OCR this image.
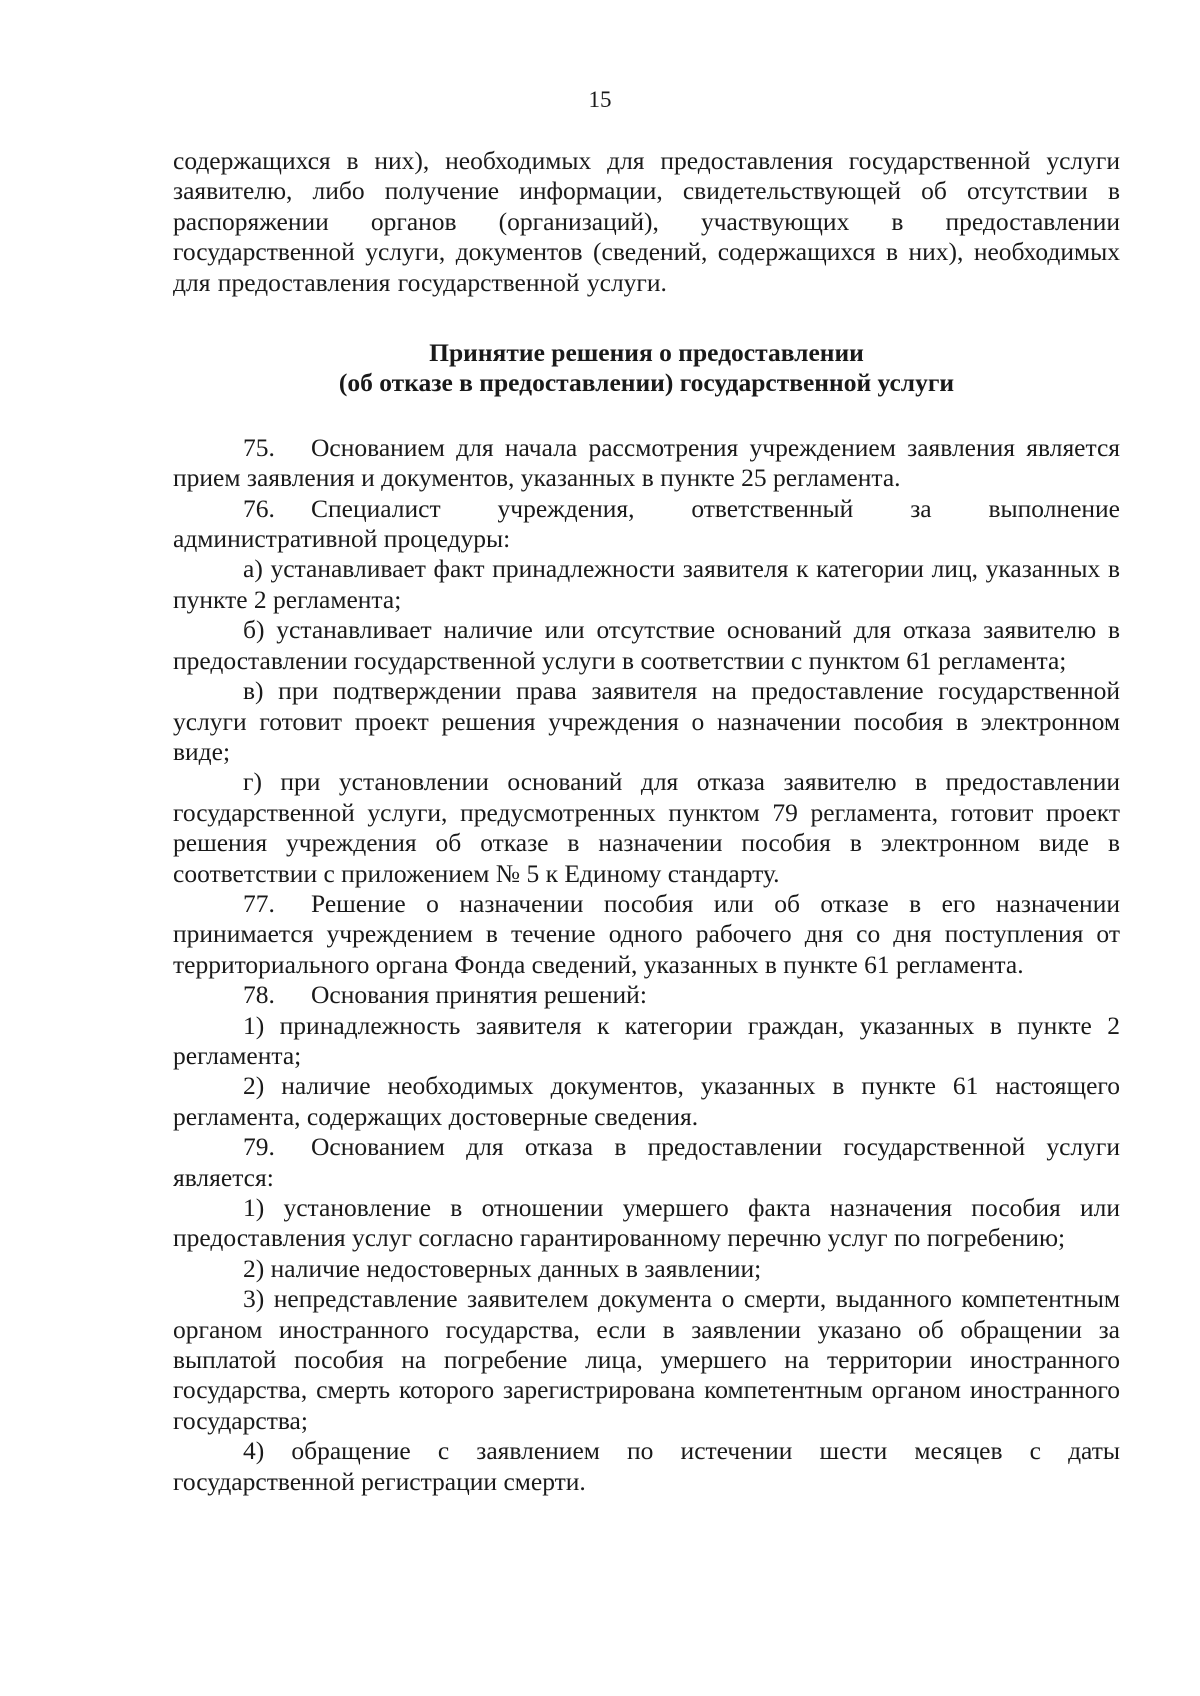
15

содержащихся в них), необходимых для предоставления государственной услуги заявителю, либо получение информации, свидетельствующей об отсутствии в распоряжении органов (организаций), участвующих в предоставлении государственной услуги, документов (сведений, содержащихся в них), необходимых для предоставления государственной услуги.

Принятие решения о предоставлении
(об отказе в предоставлении) государственной услуги

75. Основанием для начала рассмотрения учреждением заявления является прием заявления и документов, указанных в пункте 25 регламента.

76. Специалист учреждения, ответственный за выполнение административной процедуры:

а) устанавливает факт принадлежности заявителя к категории лиц, указанных в пункте 2 регламента;

б) устанавливает наличие или отсутствие оснований для отказа заявителю в предоставлении государственной услуги в соответствии с пунктом 61 регламента;

в) при подтверждении права заявителя на предоставление государственной услуги готовит проект решения учреждения о назначении пособия в электронном виде;

г) при установлении оснований для отказа заявителю в предоставлении государственной услуги, предусмотренных пунктом 79 регламента, готовит проект решения учреждения об отказе в назначении пособия в электронном виде в соответствии с приложением № 5 к Единому стандарту.

77. Решение о назначении пособия или об отказе в его назначении принимается учреждением в течение одного рабочего дня со дня поступления от территориального органа Фонда сведений, указанных в пункте 61 регламента.

78. Основания принятия решений:

1) принадлежность заявителя к категории граждан, указанных в пункте 2 регламента;

2) наличие необходимых документов, указанных в пункте 61 настоящего регламента, содержащих достоверные сведения.

79. Основанием для отказа в предоставлении государственной услуги является:

1) установление в отношении умершего факта назначения пособия или предоставления услуг согласно гарантированному перечню услуг по погребению;

2) наличие недостоверных данных в заявлении;

3) непредставление заявителем документа о смерти, выданного компетентным органом иностранного государства, если в заявлении указано об обращении за выплатой пособия на погребение лица, умершего на территории иностранного государства, смерть которого зарегистрирована компетентным органом иностранного государства;

4) обращение с заявлением по истечении шести месяцев с даты государственной регистрации смерти.
